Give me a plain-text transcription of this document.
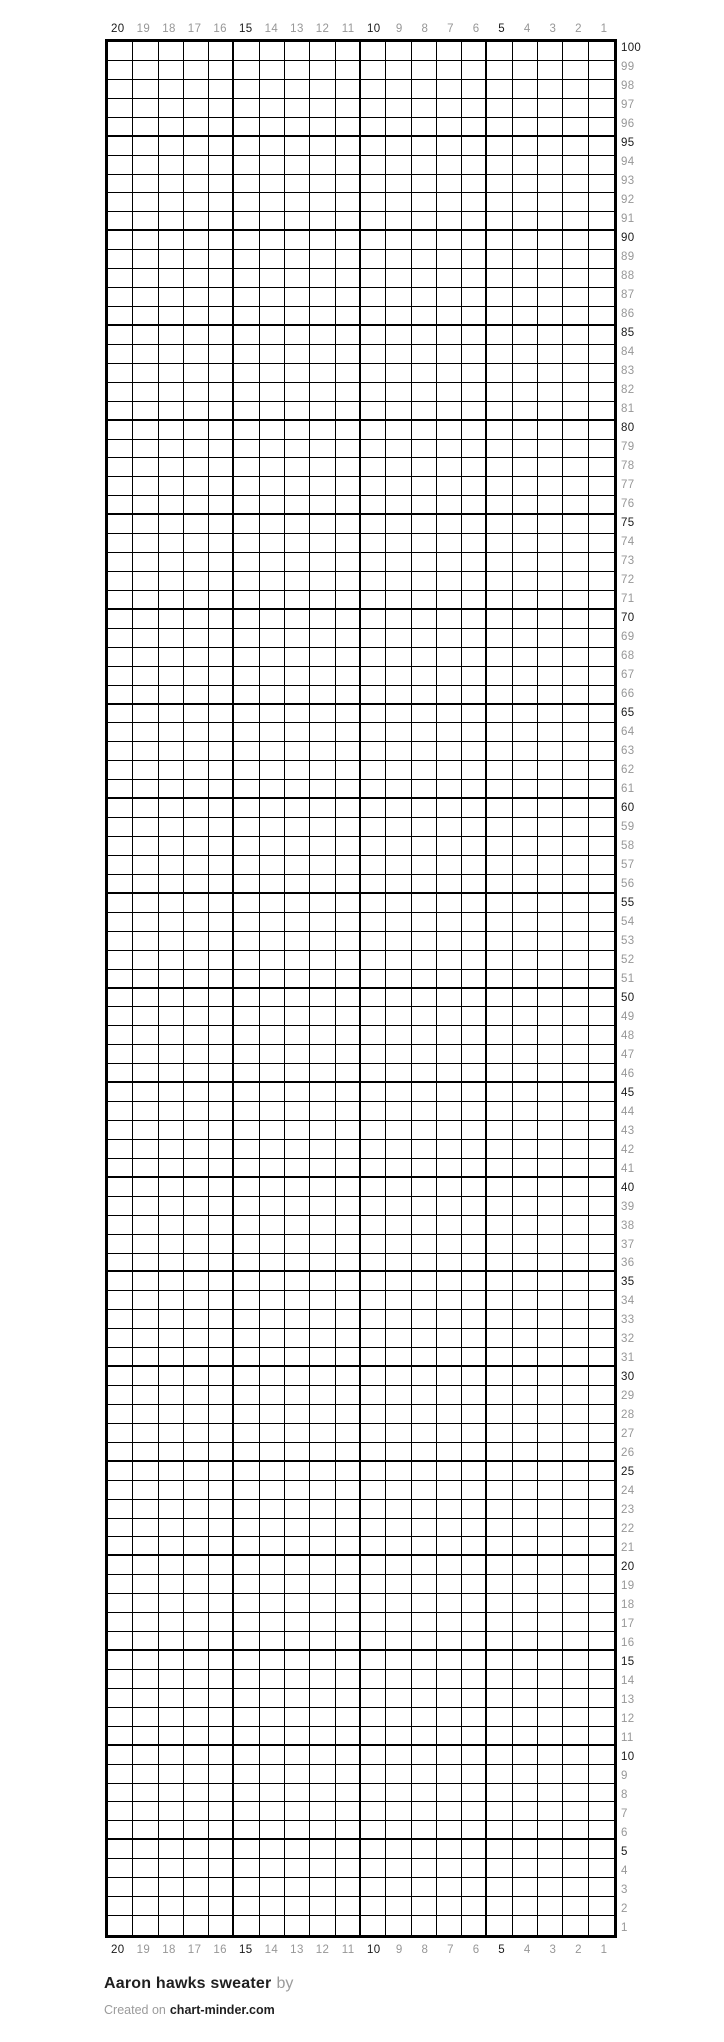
20	19	18	17	16	15	14	13	12	11	10	9	8	7	6	5	4	3	2	1
100
99
98
97
96
95
94
93
92
91
90
89
88
87
86
85
84
83
82
81
80
79
78
77
76
75
74
73
72
71
70
69
68
67
66
65
64
63
62
61
60
59
58
57
56
55
54
53
52
51
50
49
48
47
46
45
44
43
42
41
40
39
38
37
36
35
34
33
32
31
30
29
28
27
26
25
24
23
22
21
20
19
18
17
16
15
14
13
12
11
10
9
8
7
6
5
4
3
2
1
20	19	18	17	16	15	14	13	12	11	10	9	8	7	6	5	4	3	2	1
Aaron hawks sweater by
Created on chart-minder.com
